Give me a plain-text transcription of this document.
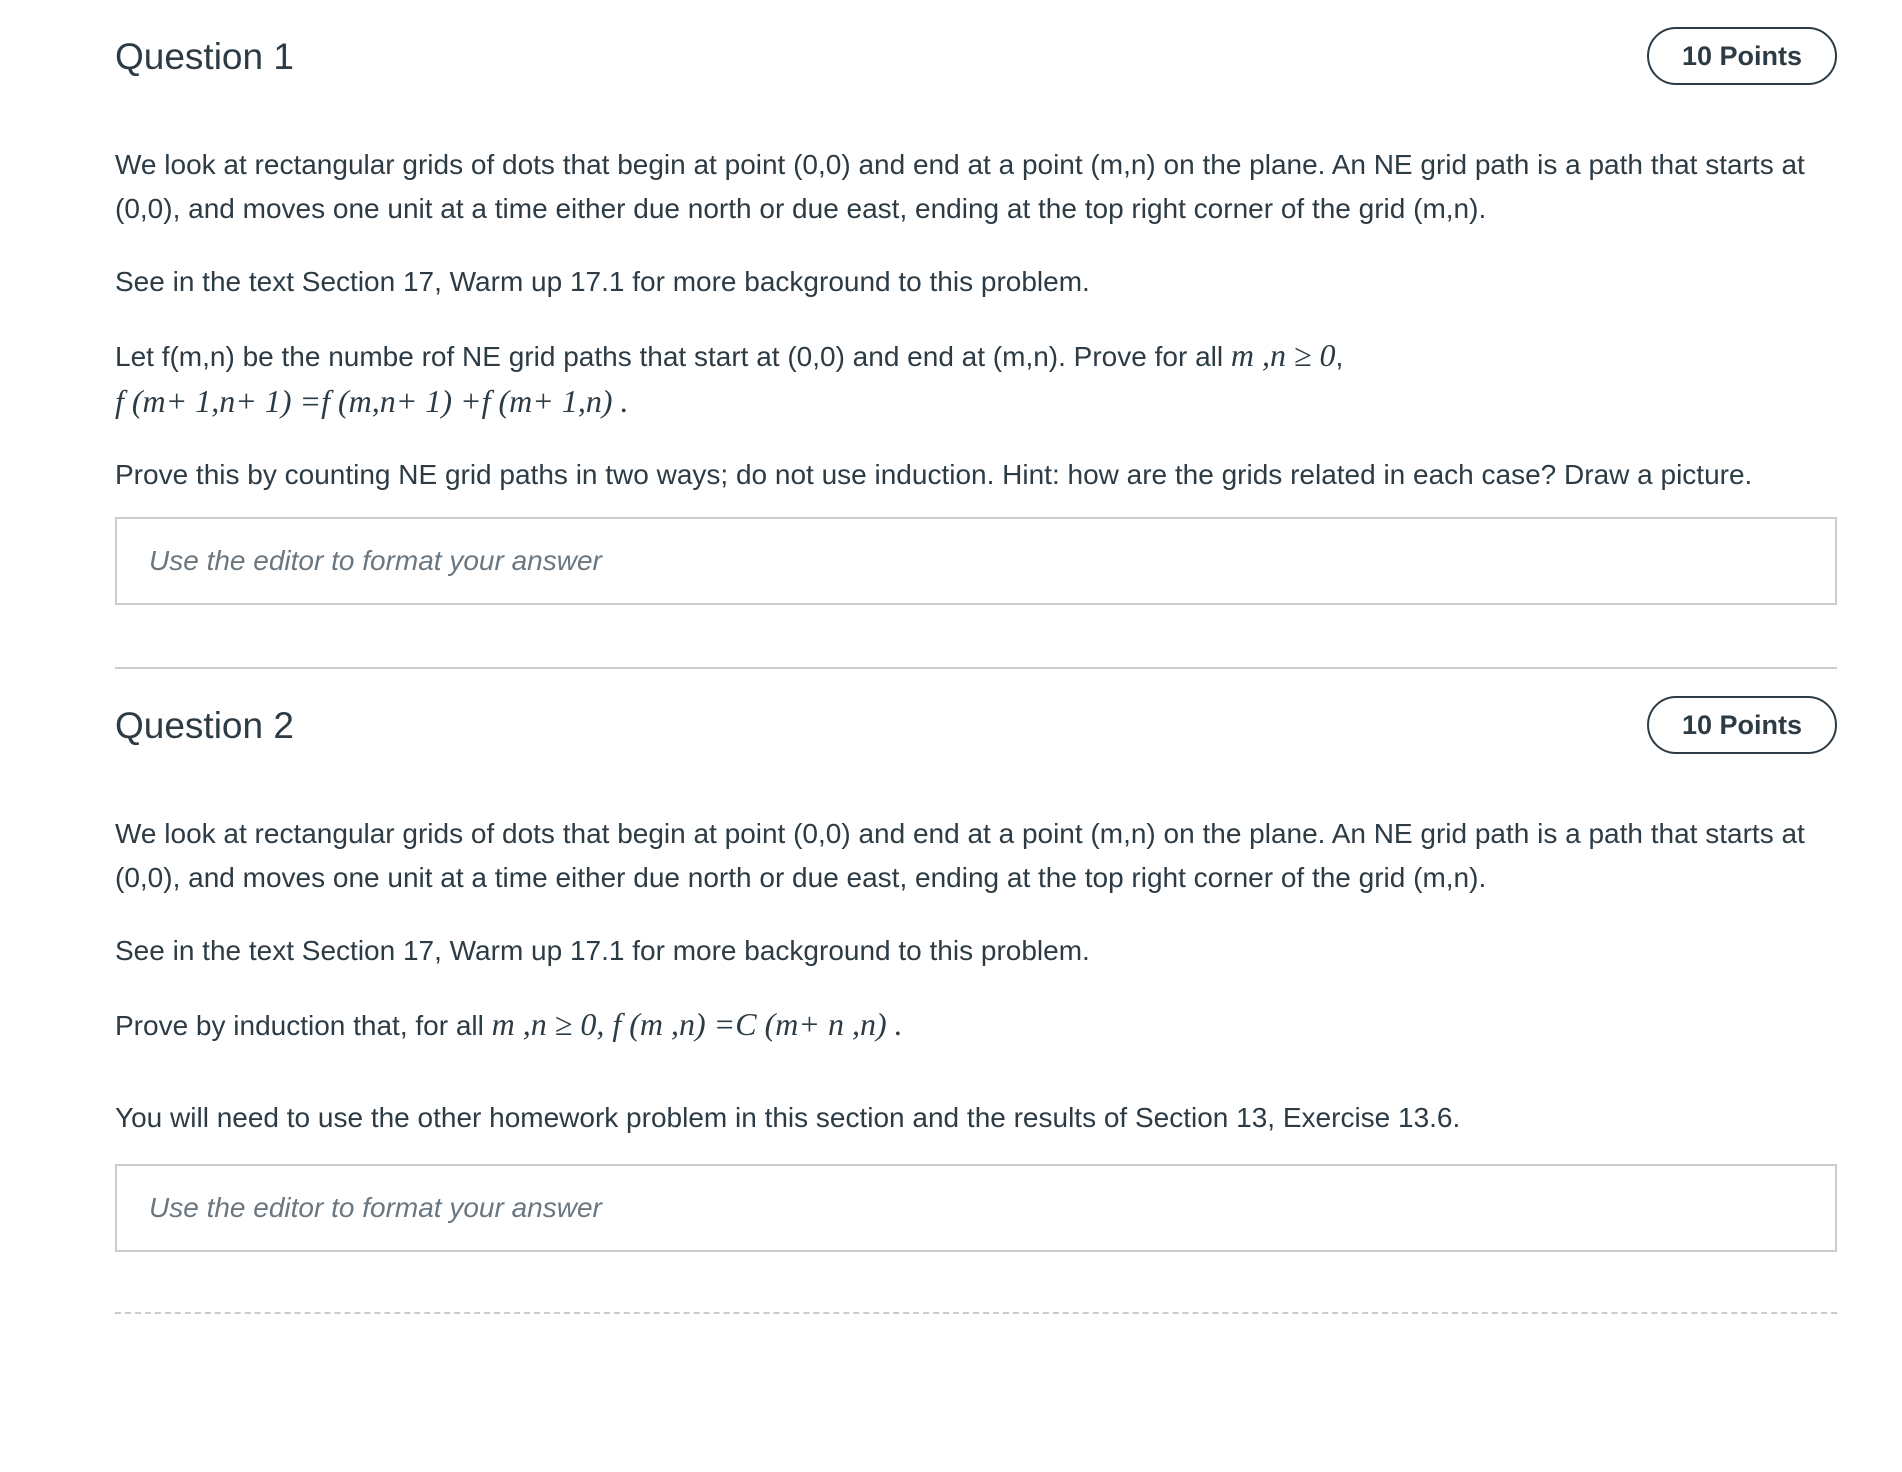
Question 1	10 Points

We look at rectangular grids of dots that begin at point (0,0) and end at a point (m,n) on the plane. An NE grid path is a path that starts at (0,0), and moves one unit at a time either due north or due east, ending at the top right corner of the grid (m,n).

See in the text Section 17, Warm up 17.1 for more background to this problem.

Let f(m,n) be the numbe rof NE grid paths that start at (0,0) and end at (m,n). Prove for all m ,n ≥ 0,
f (m+ 1,n+ 1) =f (m,n+ 1) +f (m+ 1,n) .

Prove this by counting NE grid paths in two ways; do not use induction. Hint: how are the grids related in each case? Draw a picture.

Use the editor to format your answer
Question 2	10 Points

We look at rectangular grids of dots that begin at point (0,0) and end at a point (m,n) on the plane. An NE grid path is a path that starts at (0,0), and moves one unit at a time either due north or due east, ending at the top right corner of the grid (m,n).

See in the text Section 17, Warm up 17.1 for more background to this problem.

Prove by induction that, for all m ,n ≥ 0, f (m ,n) =C (m+ n ,n) .

You will need to use the other homework problem in this section and the results of Section 13, Exercise 13.6.

Use the editor to format your answer
